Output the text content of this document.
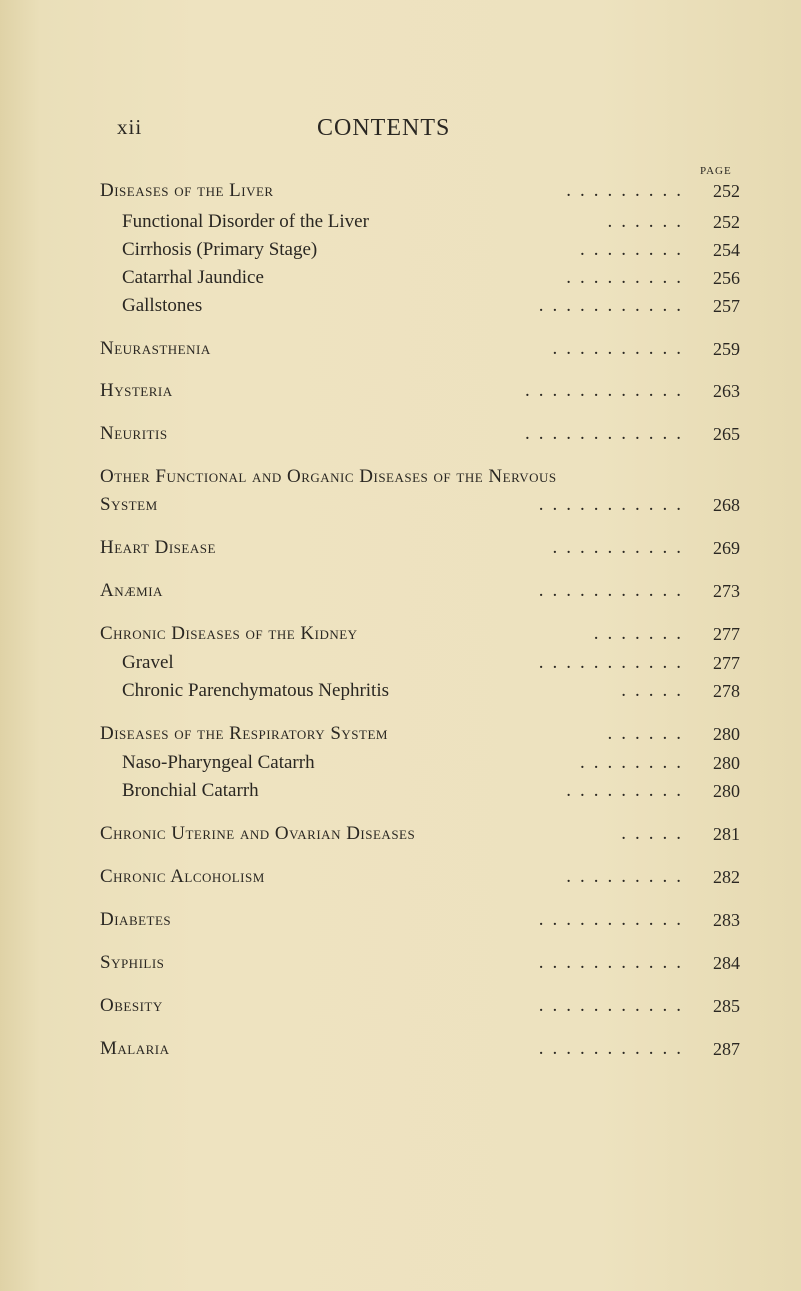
xii	CONTENTS
PAGE
Diseases of the Liver	.........	252
Functional Disorder of the Liver	......	252
Cirrhosis (Primary Stage)	........	254
Catarrhal Jaundice	.........	256
Gallstones	...........	257
Neurasthenia	..........	259
Hysteria	............	263
Neuritis	............	265
Other Functional and Organic Diseases of the Nervous
System	...........	268
Heart Disease	..........	269
Anæmia	...........	273
Chronic Diseases of the Kidney	.......	277
Gravel	...........	277
Chronic Parenchymatous Nephritis	.....	278
Diseases of the Respiratory System	......	280
Naso-Pharyngeal Catarrh	........	280
Bronchial Catarrh	.........	280
Chronic Uterine and Ovarian Diseases	.....	281
Chronic Alcoholism	.........	282
Diabetes	...........	283
Syphilis	...........	284
Obesity	...........	285
Malaria	...........	287
